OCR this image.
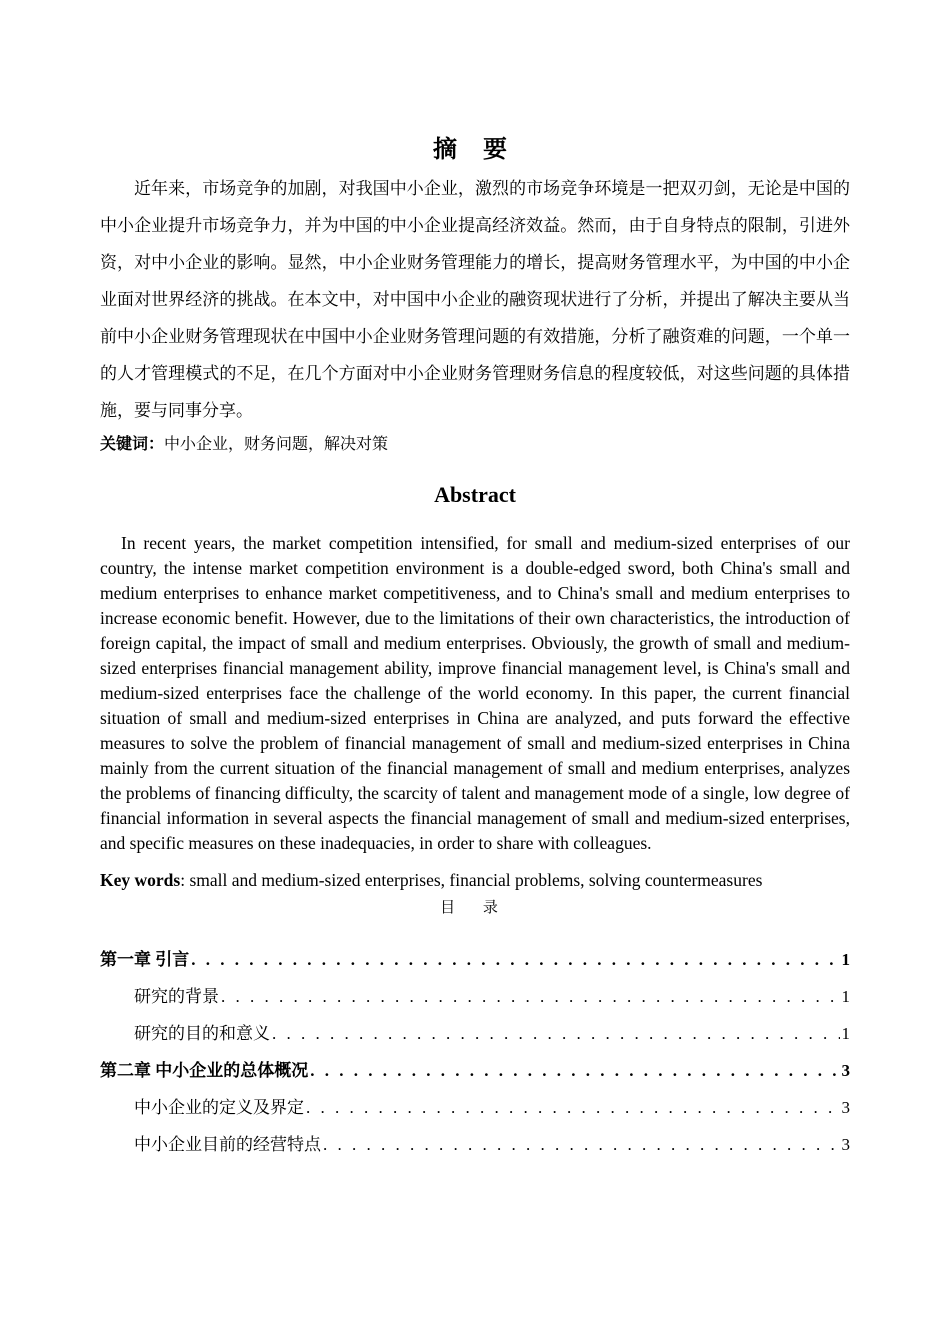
摘 要

近年来，市场竞争的加剧，对我国中小企业，激烈的市场竞争环境是一把双刃剑，无论是中国的中小企业提升市场竞争力，并为中国的中小企业提高经济效益。然而，由于自身特点的限制，引进外资，对中小企业的影响。显然，中小企业财务管理能力的增长，提高财务管理水平，为中国的中小企业面对世界经济的挑战。在本文中，对中国中小企业的融资现状进行了分析，并提出了解决主要从当前中小企业财务管理现状在中国中小企业财务管理问题的有效措施，分析了融资难的问题，一个单一的人才管理模式的不足，在几个方面对中小企业财务管理财务信息的程度较低，对这些问题的具体措施，要与同事分享。

关键词：中小企业，财务问题，解决对策

Abstract

In recent years, the market competition intensified, for small and medium-sized enterprises of our country, the intense market competition environment is a double-edged sword, both China's small and medium enterprises to enhance market competitiveness, and to China's small and medium enterprises to increase economic benefit. However, due to the limitations of their own characteristics, the introduction of foreign capital, the impact of small and medium enterprises. Obviously, the growth of small and medium-sized enterprises financial management ability, improve financial management level, is China's small and medium-sized enterprises face the challenge of the world economy. In this paper, the current financial situation of small and medium-sized enterprises in China are analyzed, and puts forward the effective measures to solve the problem of financial management of small and medium-sized enterprises in China mainly from the current situation of the financial management of small and medium enterprises, analyzes the problems of financing difficulty, the scarcity of talent and management mode of a single, low degree of financial information in several aspects the financial management of small and medium-sized enterprises, and specific measures on these inadequacies, in order to share with colleagues.

Key words: small and medium-sized enterprises, financial problems, solving countermeasures

目 录
第一章 引言 . . .	1
研究的背景 . . .	1
研究的目的和意义 . . .	1
第二章 中小企业的总体概况 . . .	3
中小企业的定义及界定 . . .	3
中小企业目前的经营特点 . . .	3
